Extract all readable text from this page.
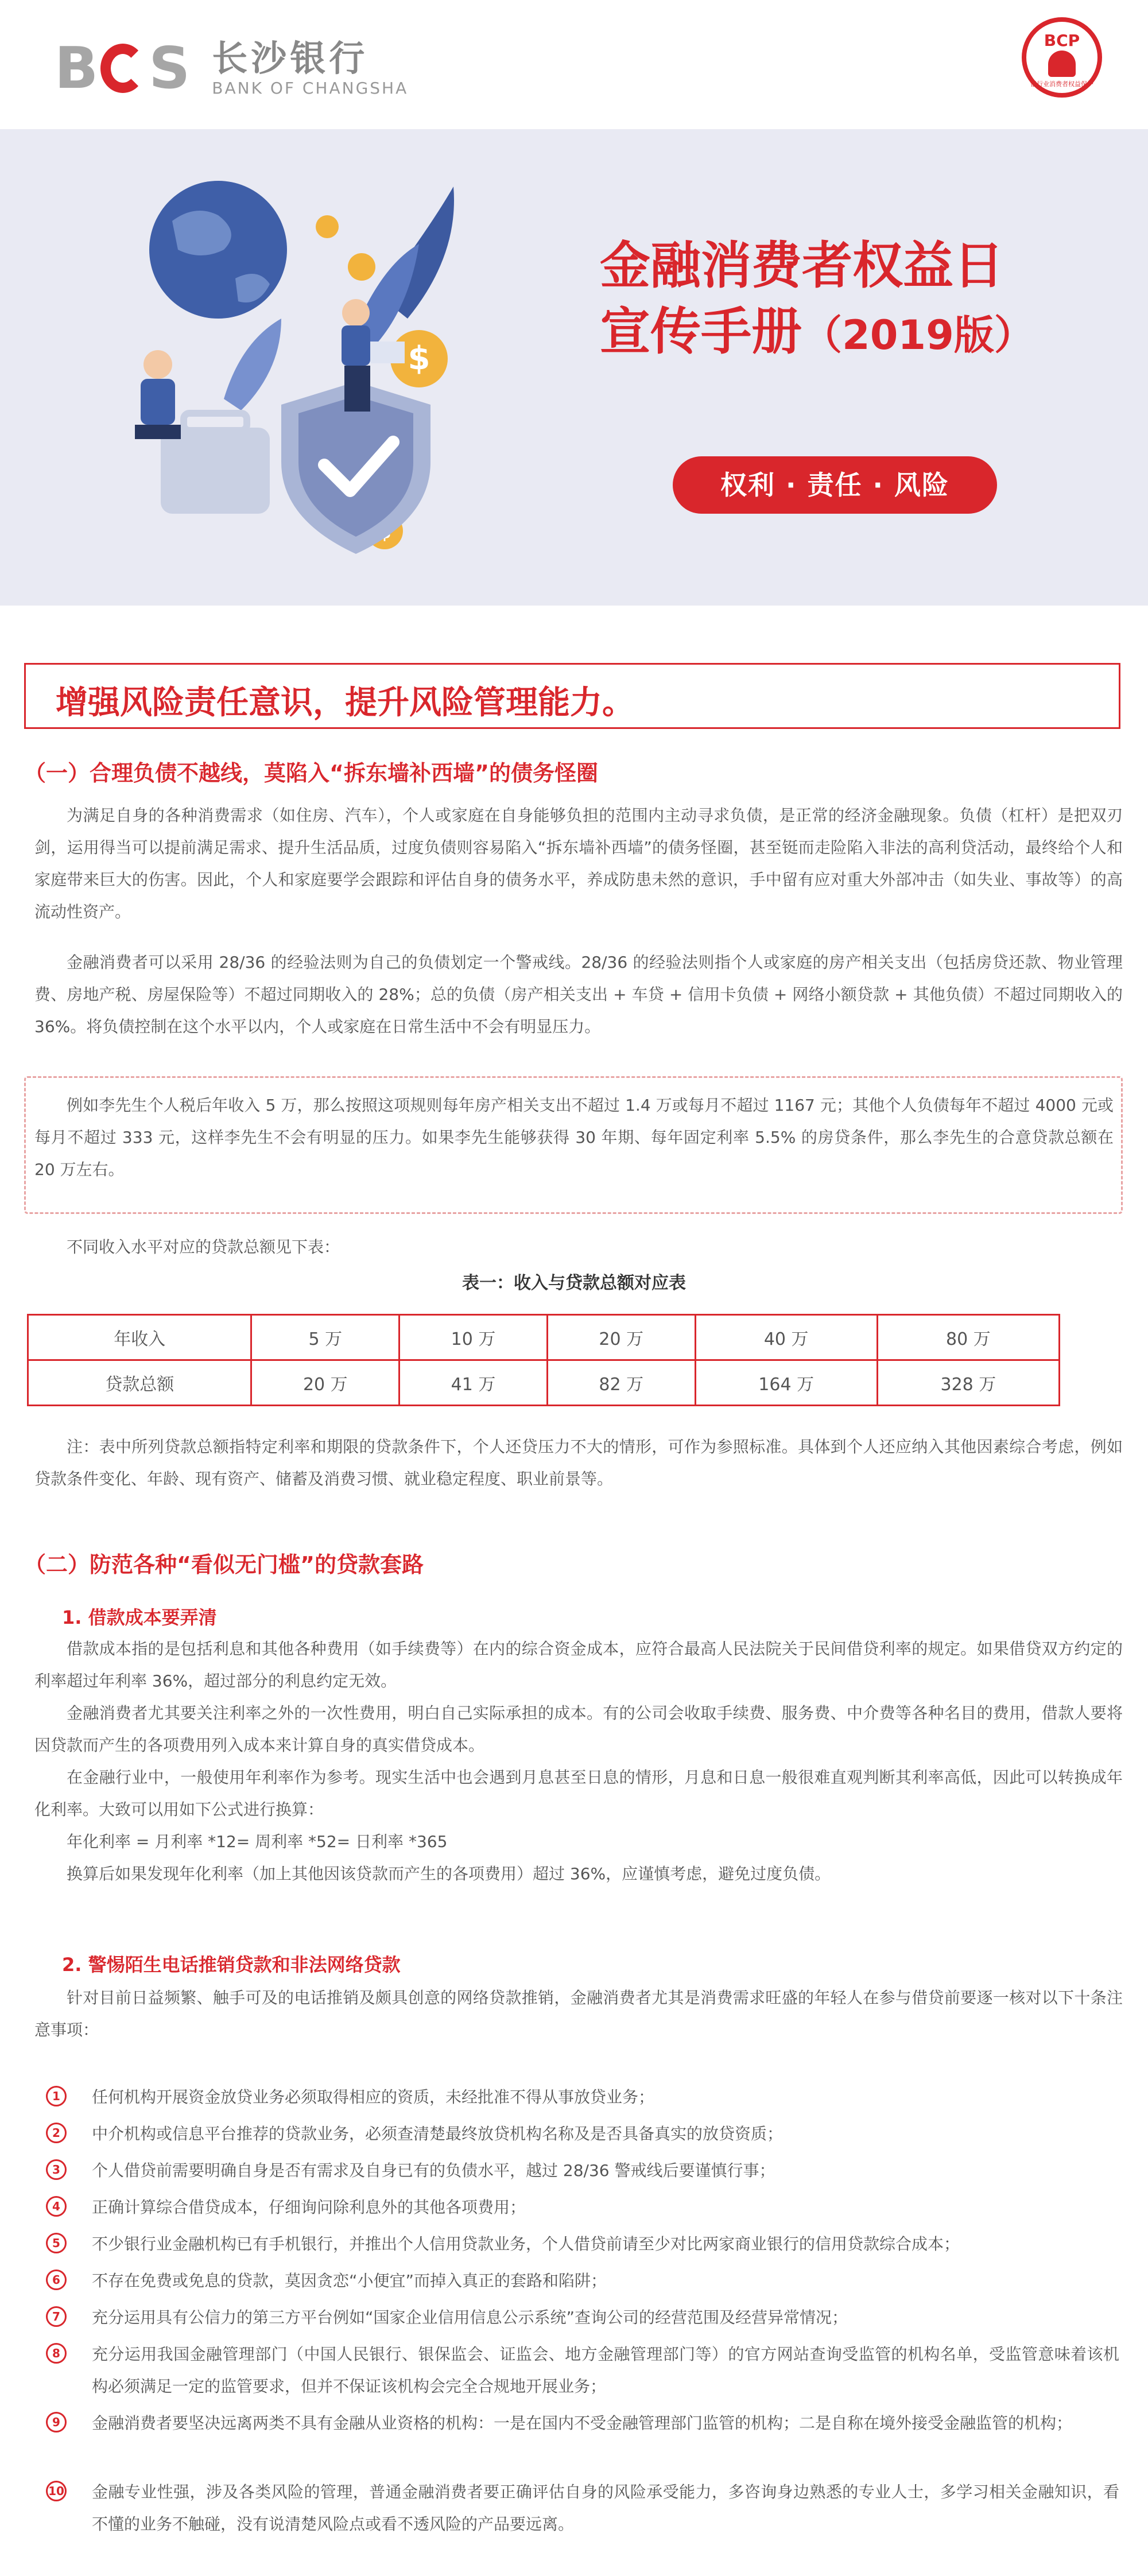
B S 长沙银行
BANK OF CHANGSHA
BCP
银行业消费者权益保护
$
金融消费者权益日
宣传手册（2019版）
权利 · 责任 · 风险
增强风险责任意识，提升风险管理能力。
（一）合理负债不越线，莫陷入“拆东墙补西墙”的债务怪圈
为满足自身的各种消费需求（如住房、汽车），个人或家庭在自身能够负担的范围内主动寻求负债，是正常的经济金融现象。负债（杠杆）是把双刃剑，运用得当可以提前满足需求、提升生活品质，过度负债则容易陷入“拆东墙补西墙”的债务怪圈，甚至铤而走险陷入非法的高利贷活动，最终给个人和家庭带来巨大的伤害。因此，个人和家庭要学会跟踪和评估自身的债务水平，养成防患未然的意识，手中留有应对重大外部冲击（如失业、事故等）的高流动性资产。
金融消费者可以采用 28/36 的经验法则为自己的负债划定一个警戒线。28/36 的经验法则指个人或家庭的房产相关支出（包括房贷还款、物业管理费、房地产税、房屋保险等）不超过同期收入的 28%；总的负债（房产相关支出 + 车贷 + 信用卡负债 + 网络小额贷款 + 其他负债）不超过同期收入的 36%。将负债控制在这个水平以内，个人或家庭在日常生活中不会有明显压力。

例如李先生个人税后年收入 5 万，那么按照这项规则每年房产相关支出不超过 1.4 万或每月不超过 1167 元；其他个人负债每年不超过 4000 元或每月不超过 333 元，这样李先生不会有明显的压力。如果李先生能够获得 30 年期、每年固定利率 5.5% 的房贷条件，那么李先生的合意贷款总额在 20 万左右。

不同收入水平对应的贷款总额见下表：
表一：收入与贷款总额对应表
年收入	5 万	10 万	20 万	40 万	80 万
贷款总额	20 万	41 万	82 万	164 万	328 万
注：表中所列贷款总额指特定利率和期限的贷款条件下，个人还贷压力不大的情形，可作为参照标准。具体到个人还应纳入其他因素综合考虑，例如贷款条件变化、年龄、现有资产、储蓄及消费习惯、就业稳定程度、职业前景等。
（二）防范各种“看似无门槛”的贷款套路
1. 借款成本要弄清
借款成本指的是包括利息和其他各种费用（如手续费等）在内的综合资金成本，应符合最高人民法院关于民间借贷利率的规定。如果借贷双方约定的利率超过年利率 36%，超过部分的利息约定无效。
金融消费者尤其要关注利率之外的一次性费用，明白自己实际承担的成本。有的公司会收取手续费、服务费、中介费等各种名目的费用，借款人要将因贷款而产生的各项费用列入成本来计算自身的真实借贷成本。
在金融行业中，一般使用年利率作为参考。现实生活中也会遇到月息甚至日息的情形，月息和日息一般很难直观判断其利率高低，因此可以转换成年化利率。大致可以用如下公式进行换算：
年化利率 = 月利率 *12= 周利率 *52= 日利率 *365
换算后如果发现年化利率（加上其他因该贷款而产生的各项费用）超过 36%，应谨慎考虑，避免过度负债。
2. 警惕陌生电话推销贷款和非法网络贷款
针对目前日益频繁、触手可及的电话推销及颇具创意的网络贷款推销，金融消费者尤其是消费需求旺盛的年轻人在参与借贷前要逐一核对以下十条注意事项：
1	任何机构开展资金放贷业务必须取得相应的资质，未经批准不得从事放贷业务；
2	中介机构或信息平台推荐的贷款业务，必须查清楚最终放贷机构名称及是否具备真实的放贷资质；
3	个人借贷前需要明确自身是否有需求及自身已有的负债水平，越过 28/36 警戒线后要谨慎行事；
4	正确计算综合借贷成本，仔细询问除利息外的其他各项费用；
5	不少银行业金融机构已有手机银行，并推出个人信用贷款业务，个人借贷前请至少对比两家商业银行的信用贷款综合成本；
6	不存在免费或免息的贷款，莫因贪恋“小便宜”而掉入真正的套路和陷阱；
7	充分运用具有公信力的第三方平台例如“国家企业信用信息公示系统”查询公司的经营范围及经营异常情况；
8	充分运用我国金融管理部门（中国人民银行、银保监会、证监会、地方金融管理部门等）的官方网站查询受监管的机构名单，受监管意味着该机构必须满足一定的监管要求，但并不保证该机构会完全合规地开展业务；
9	金融消费者要坚决远离两类不具有金融从业资格的机构：一是在国内不受金融管理部门监管的机构；二是自称在境外接受金融监管的机构；
10 金融专业性强，涉及各类风险的管理，普通金融消费者要正确评估自身的风险承受能力，多咨询身边熟悉的专业人士，多学习相关金融知识，看不懂的业务不触碰，没有说清楚风险点或看不透风险的产品要远离。
